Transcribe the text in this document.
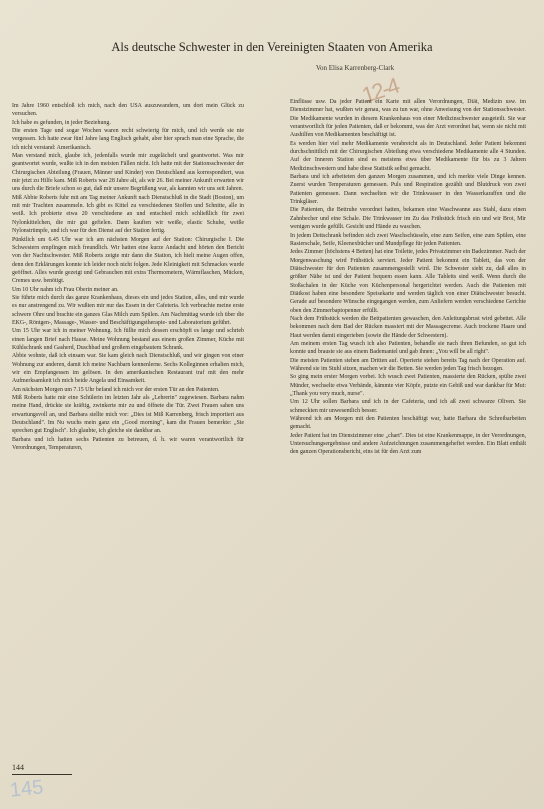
Als deutsche Schwester in den Vereinigten Staaten von Amerika
Von Elisa Karrenberg-Clark
12-4

Im Jahre 1960 entschloß ich mich, nach den USA auszuwandern, um dort mein Glück zu versuchen.

Ich habe es gefunden, in jeder Beziehung.

Die ersten Tage und sogar Wochen waren recht schwierig für mich, und ich werde sie nie vergessen. Ich hatte zwar fünf Jahre lang Englisch gehabt, aber hier sprach man eine Sprache, die ich nicht verstand: Amerikanisch.

Man verstand mich, glaube ich, jedenfalls wurde mir zugelächelt und geantwortet. Was mir geantwortet wurde, wußte ich in den meisten Fällen nicht. Ich hatte mit der Stationsschwester der Chirurgischen Abteilung (Frauen, Männer und Kinder) von Deutschland aus korrespondiert, was mir jetzt zu Hilfe kam. Miß Roberts war 28 Jahre alt, als wir 26. Bei meiner Ankunft erwarten wir uns durch die Briefe schon so gut, daß mir unsere Begrüßung war, als kannten wir uns seit Jahren.

Miß Abbie Roberts fuhr mit am Tag meiner Ankunft nach Dienstschluß in die Stadt (Boston), um mit mir Trachten zusammeln. Ich gibt es Kittel zu verschiedenen Stoffen und Schnitte, alle in weiß. Ich probierte etwa 20 verschiedene an und entschied mich schließlich für zwei Nylonkittelchen, die mir gut gefielen. Dann kauften wir weiße, elastic Schuhe, weiße Nylonstrümpfe, und ich war für den Dienst auf der Station fertig.

Pünktlich um 6.45 Uhr war ich am nächsten Morgen auf der Station: Chirurgische I. Die Schwestern empfingen mich freundlich. Wir hatten eine kurze Andacht und hörten den Bericht von der Nachtschwester. Miß Roberts zeigte mir dann die Station, ich hielt meine Augen offen, denn den Erklärungen konnte ich leider noch nicht folgen. Jede Kleinigkeit mit Schmackes wurde geöffnet. Alles wurde gezeigt und Gebrauchen mit extra Thermometern, Wärmflaschen, Mücken, Cremes usw. benötigt.

Um 10 Uhr nahm ich Frau Oberin meiner an.

Sie führte mich durch das ganze Krankenhaus, dieses ein und jedes Station, alles, und mir wurde es nur anstrengend zu. Wir wußten mir nur das Essen in der Cafeteria. Ich verbrachte meine erste schwere Ohre und brachte ein ganzes Glas Milch zum Spülen. Am Nachmittag wurde ich über die EKG-, Röntgen-, Massage-, Wasser- und Beschäftigungstherapie- und Laboratorium geführt.

Um 15 Uhr war ich in meiner Wohnung. Ich füllte mich dessen erschöpft es lange und schrieb einen langen Brief nach Hause. Meine Wohnung bestand aus einem großen Zimmer, Küche mit Kühlschrank und Gasherd, Duschbad und großem eingebautem Schrank.

Abbie wohnte, daß ich einsam war. Sie kam gleich nach Dienstschluß, und wir gingen von einer Wohnung zur anderen, damit ich meine Nachbarn kennenlerne. Sechs Kolleginnen erhalten mich, wir ein Empfangessen im gelösen. In den amerikanischen Restaurant traf mit den mehr Aufmerksamkeit ich mich beide Angela und Einsamkeit.

Am nächsten Morgen um 7.15 Uhr befand ich mich vor der ersten Tür an den Patienten.

Miß Roberts hatte mir eine Schülerin im letzten Jahr als „Lehrerin" zugewiesen. Barbara nahm meine Hand, drückte sie kräftig, zwinkerte mir zu und öffnete die Tür. Zwei Frauen sahen uns erwartungsvoll an, und Barbara stellte mich vor: „Dies ist Miß Karrenberg, frisch importiert aus Deutschland". Im Nu wuchs mein ganz ein „Good morning", kam die Frauen bemerkte: „Sie sprechen gut Englisch". Ich glaubte, ich gleiche sie dankbar an.

Barbara und ich hatten sechs Patienten zu betreuen, d. h. wir waren verantwortlich für Verordnungen, Temperaturen,

Einflüsse usw. Da jeder Patient ein Karte mit allen Verordnungen, Diät, Medizin usw. im Dienstzimmer hat, wußten wir genau, was zu tun war, ohne Anweisung von der Stationsschwester. Die Medikamente wurden in diesem Krankenhaus von einer Medizinschwester ausgeteilt. Sie war verantwortlich für jeden Patienten, daß er bekommt, was der Arzt verordnet hat, wenn sie nicht mit Aushilfen von Medikamenten beschäftigt ist.

Es werden hier viel mehr Medikamente verabreicht als in Deutschland. Jeder Patient bekommt durchschnittlich mit der Chirurgischen Abteilung etwa verschiedene Medikamente alle 4 Stunden. Auf der Inneren Station sind es meistens etwa über Medikamente für bis zu 3 Jahren Medizinschwestern und habe diese Statistik selbst gemacht.

Barbara und ich arbeiteten den ganzen Morgen zusammen, und ich merkte viele Dinge kennen. Zuerst wurden Temperaturen gemessen. Puls und Respiration gezählt und Blutdruck von zwei Patienten gemessen. Dann wechselten wir die Trinkwasser in den Wasserkaraffen und die Trinkgläser.

Die Patienten, die Bettruhe verordnet hatten, bekamen eine Waschwanne aus Stahl, dazu einen Zahnbecher und eine Schale. Die Trinkwasser im Zu das Frühstück frisch ein und wir Brot, Mir wenigen wurde gefüllt. Gesicht und Hände zu waschen.

In jedem Dettschrank befinden sich zwei Waschschüsseln, eine zum Seifen, eine zum Spülen, eine Rasierschale, Seife, Kleenexbücher und Mundpflege für jeden Patienten.

Jedes Zimmer (höchstens 4 Betten) hat eine Toilette, jedes Privatzimmer ein Badezimmer. Nach der Morgenwaschung wird Frühstück serviert. Jeder Patient bekommt ein Tablett, das von der Diätschwester für den Patienten zusammengestellt wird. Die Schwester sieht zu, daß alles in größter Nähe ist und der Patient bequem essen kann. Alle Tabletts sind weiß. Wenn durch die Stoßschalen in der Küche von Küchenpersonal hergerichtet werden. Auch die Patienten mit Diätkost haben eine besondere Speisekarte und werden täglich von einer Diätschwester besucht. Gerade auf besondere Wünsche eingegangen werden, zum Anliefern werden verschiedene Gerichte oben den Zimmerbaptopenner erfüllt.

Nach dem Frühstück werden die Bettpatienten gewaschen, den Anleitungsbrust wird gebettet. Alle bekommen nach dem Bad der Rücken massiert mit der Massagecreme. Auch trockene Haare und Haut werden damit eingerieben (sowie die Hände der Schwestern).

Am meinem ersten Tag wusch ich also Patienten, behandle sie nach ihren Befunden, so gut ich konnte und brauste sie aus einem Bademantel und gab ihnen: „You will be all right".

Die meisten Patienten stehen am Dritten auf. Operierte stehen bereits Tag nach der Operation auf. Während sie im Stuhl sitzen, machen wir die Betten. Sie werden jeden Tag frisch bezogen.

So ging mein erster Morgen vorbei. Ich wusch zwei Patienten, massierte den Rücken, spülte zwei Münder, wechselte etwa Verbände, kämmte vier Köpfe, putzte ein Gebiß und war dankbar für Mut: „Thank you very much, nurse".

Um 12 Uhr sollen Barbara und ich in der Cafeteria, und ich aß zwei schwarze Oliven. Sie schmeckten mir unwesentlich besser.

Während ich am Morgen mit den Patienten beschäftigt war, hatte Barbara die Schreibarbeiten gemacht.

Jeder Patient hat im Dienstzimmer eine „chart". Dies ist eine Krankenmappe, in der Verordnungen, Untersuchungsergebnisse und andere Aufzeichnungen zusammengeheftet werden. Ein Blatt enthält den ganzen Operationsbericht, eins ist für den Arzt zum

144
145
